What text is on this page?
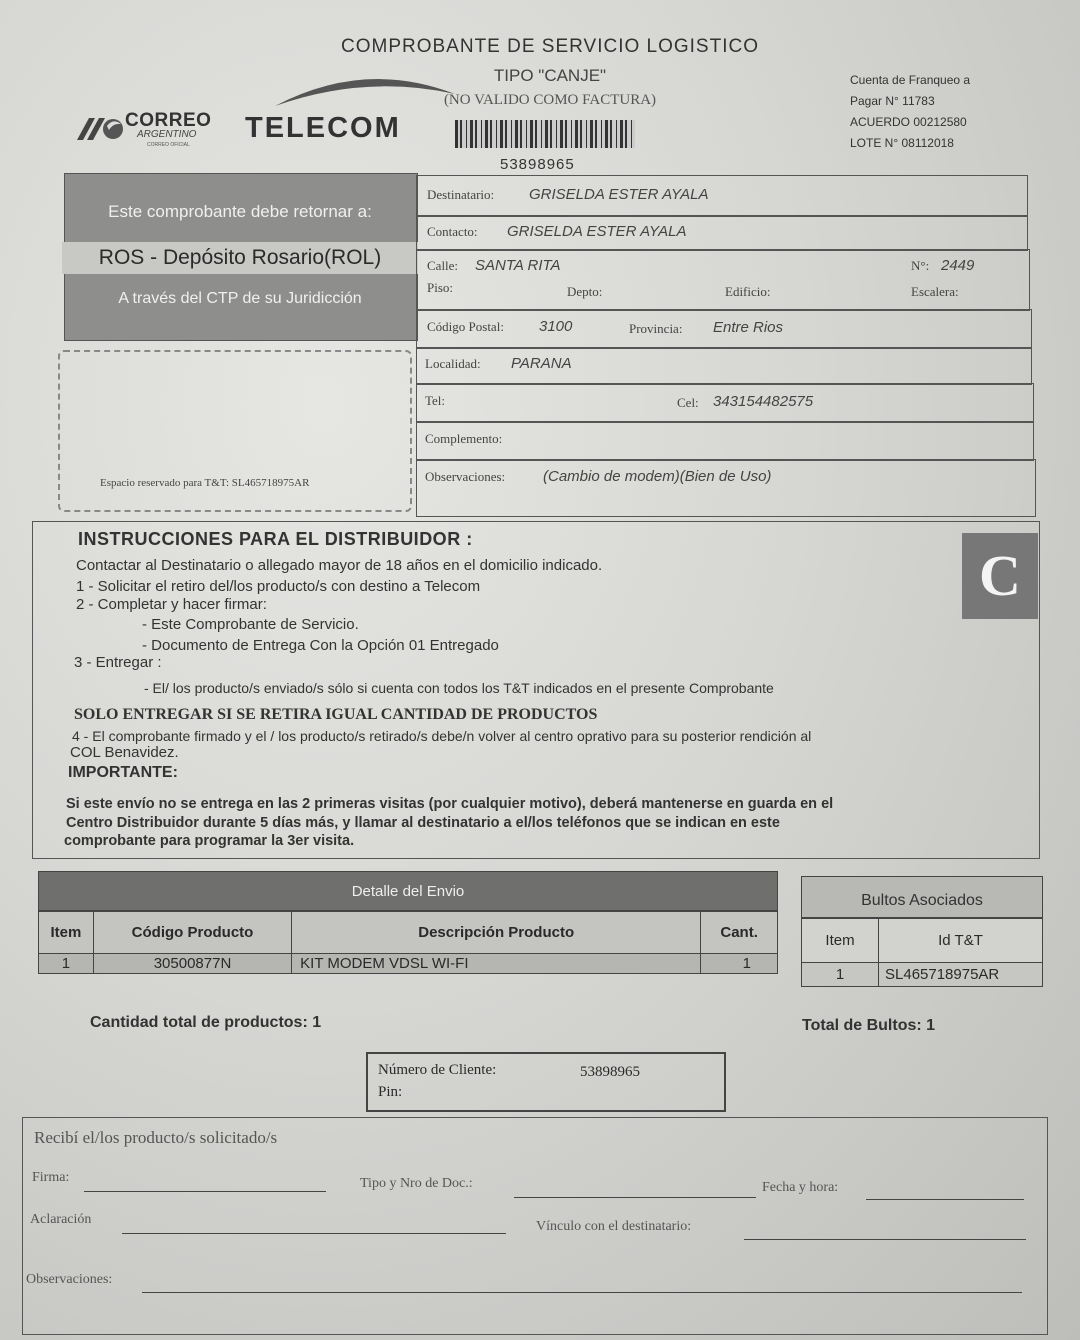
COMPROBANTE DE SERVICIO LOGISTICO
TIPO "CANJE"
(NO VALIDO COMO FACTURA)
Cuenta de Franqueo a
Pagar N° 11783
ACUERDO 00212580
LOTE N° 08112018
CORREO
ARGENTINO
CORREO OFICIAL
TELECOM
53898965
Este comprobante debe retornar a:
ROS - Depósito Rosario(ROL)
A través del CTP de su Juridicción
Espacio reservado para T&T: SL465718975AR
Destinatario: GRISELDA ESTER AYALA
Contacto: GRISELDA ESTER AYALA
Calle: SANTA RITA	N°: 2449
Piso:	Depto:	Edificio:	Escalera:
Código Postal: 3100	Provincia: Entre Rios
Localidad: PARANA
Tel:	Cel: 343154482575
Complemento:
Observaciones:	(Cambio de modem)(Bien de Uso)
INSTRUCCIONES PARA EL DISTRIBUIDOR :
C
Contactar al Destinatario o allegado mayor de 18 años en el domicilio indicado.
1 - Solicitar el retiro del/los producto/s con destino a Telecom
2 - Completar y hacer firmar:
- Este Comprobante de Servicio.
- Documento de Entrega Con la Opción 01 Entregado
3 - Entregar :
- El/ los producto/s enviado/s sólo si cuenta con todos los T&T indicados en el presente Comprobante
SOLO ENTREGAR SI SE RETIRA IGUAL CANTIDAD DE PRODUCTOS
4 - El comprobante firmado y el / los producto/s retirado/s debe/n volver al centro oprativo para su posterior rendición al
COL Benavidez.
IMPORTANTE:
Si este envío no se entrega en las 2 primeras visitas (por cualquier motivo), deberá mantenerse en guarda en el
Centro Distribuidor durante 5 días más, y llamar al destinatario a el/los teléfonos que se indican en este
comprobante para programar la 3er visita.
Detalle del Envio
Item	Código Producto	Descripción Producto	Cant.
1	30500877N	KIT MODEM VDSL WI-FI	1
Bultos Asociados
Item	Id T&T
1	SL465718975AR
Cantidad total de productos: 1	Total de Bultos: 1
Número de Cliente:	53898965
Pin:
Recibí el/los producto/s solicitado/s
Firma:	Tipo y Nro de Doc.:	Fecha y hora:
Aclaración	Vínculo con el destinatario:
Observaciones:
